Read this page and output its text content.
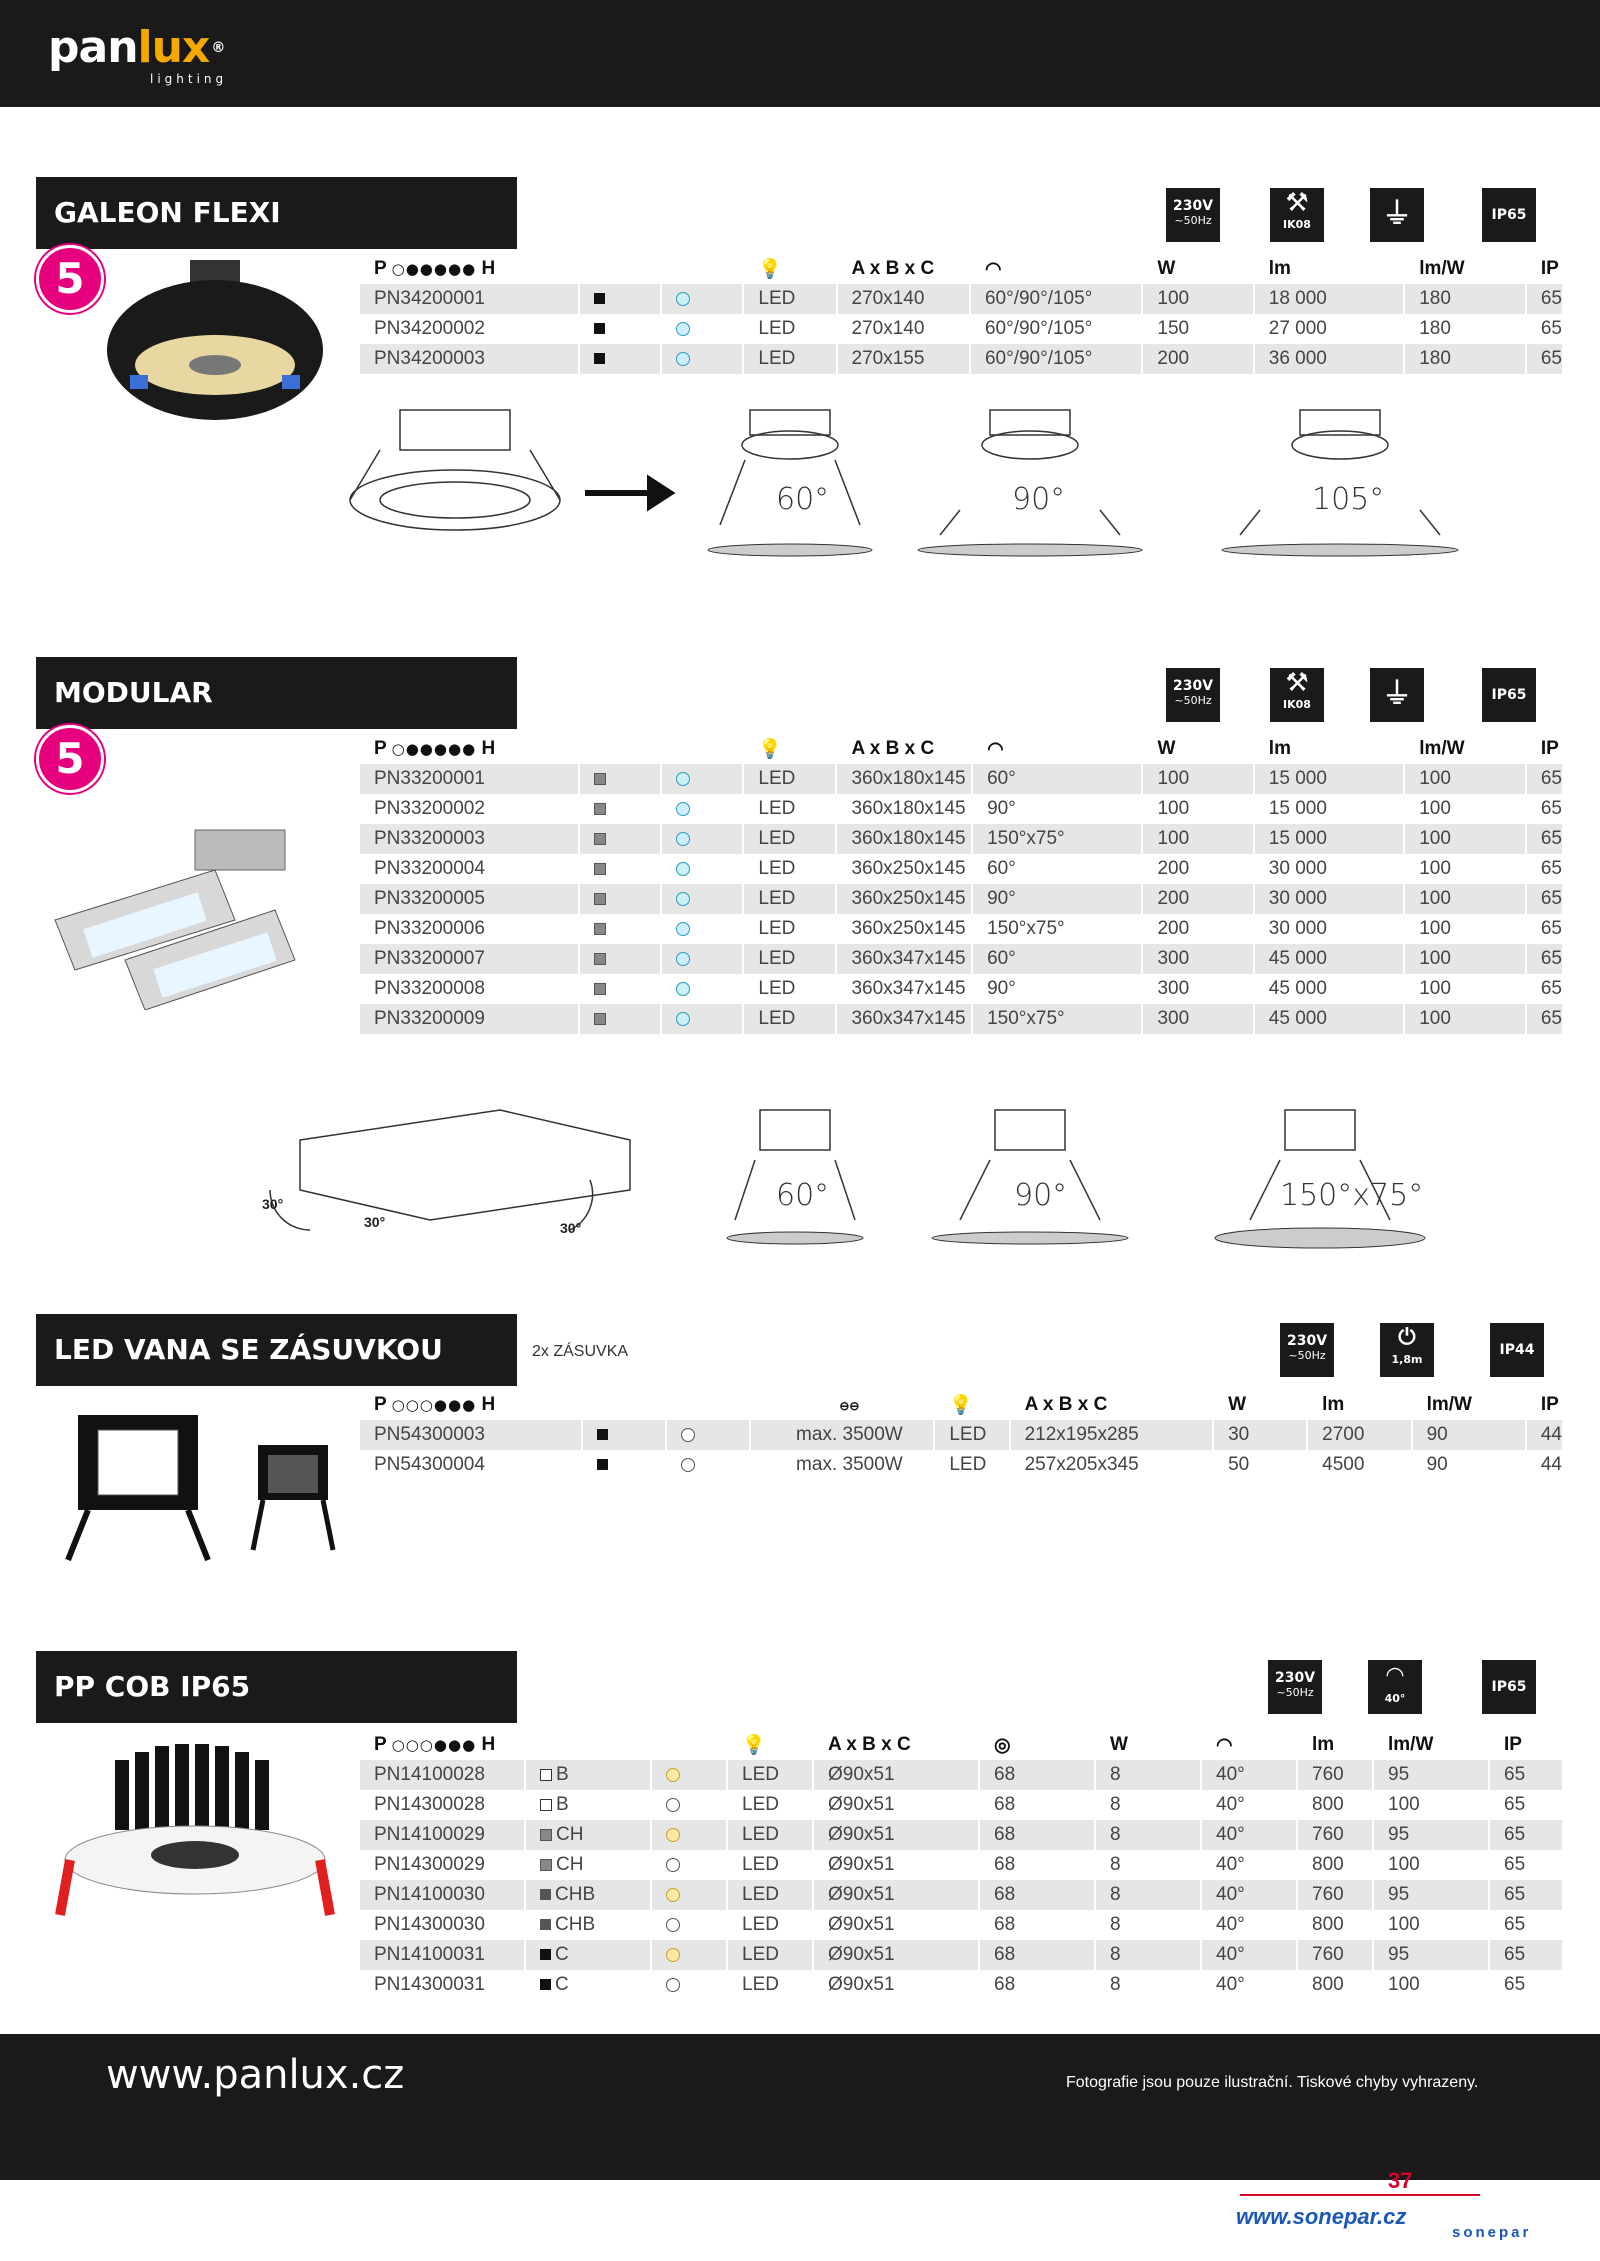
panlux ®
lighting
GALEON FLEXI
5
230V
~50Hz
⚒
IK08	⏚	IP65
P ○●●●●● H			💡	A x B x C	◠	W	lm	lm/W	IP
PN34200001			LED	270x140	60°/90°/105°	100	18 000	180	65
PN34200002			LED	270x140	60°/90°/105°	150	27 000	180	65
PN34200003			LED	270x155	60°/90°/105°	200	36 000	180	65
60°	90°	105°
MODULAR
5
230V
~50Hz
⚒
IK08	⏚	IP65
P ○●●●●● H			💡	A x B x C	◠	W	lm	lm/W	IP
PN33200001			LED	360x180x145	60°	100	15 000	100	65
PN33200002			LED	360x180x145	90°	100	15 000	100	65
PN33200003			LED	360x180x145	150°x75°	100	15 000	100	65
PN33200004			LED	360x250x145	60°	200	30 000	100	65
PN33200005			LED	360x250x145	90°	200	30 000	100	65
PN33200006			LED	360x250x145	150°x75°	200	30 000	100	65
PN33200007			LED	360x347x145	60°	300	45 000	100	65
PN33200008			LED	360x347x145	90°	300	45 000	100	65
PN33200009			LED	360x347x145	150°x75°	300	45 000	100	65
30°
30°	30°
60°	90°	150°x75°
LED VANA SE ZÁSUVKOU	2x ZÁSUVKA
230V
~50Hz
⏻
1,8m
IP44
P ○○○●●● H			⊖⊖	💡	A x B x C	W	lm	lm/W	IP
PN54300003			max. 3500W	LED	212x195x285	30	2700	90	44
PN54300004			max. 3500W	LED	257x205x345	50	4500	90	44
PP COB IP65	230V
~50Hz
◠
40°
IP65
P ○○○●●● H			💡	A x B x C	◎	W	◠	lm	lm/W	IP
PN14100028	B		LED	Ø90x51	68	8	40°	760	95	65
PN14300028	B		LED	Ø90x51	68	8	40°	800	100	65
PN14100029	CH		LED	Ø90x51	68	8	40°	760	95	65
PN14300029	CH		LED	Ø90x51	68	8	40°	800	100	65
PN14100030	CHB		LED	Ø90x51	68	8	40°	760	95	65
PN14300030	CHB		LED	Ø90x51	68	8	40°	800	100	65
PN14100031	C		LED	Ø90x51	68	8	40°	760	95	65
PN14300031	C		LED	Ø90x51	68	8	40°	800	100	65
www.panlux.cz	Fotografie jsou pouze ilustrační. Tiskové chyby vyhrazeny.
37
www.sonepar.cz
sonepar
